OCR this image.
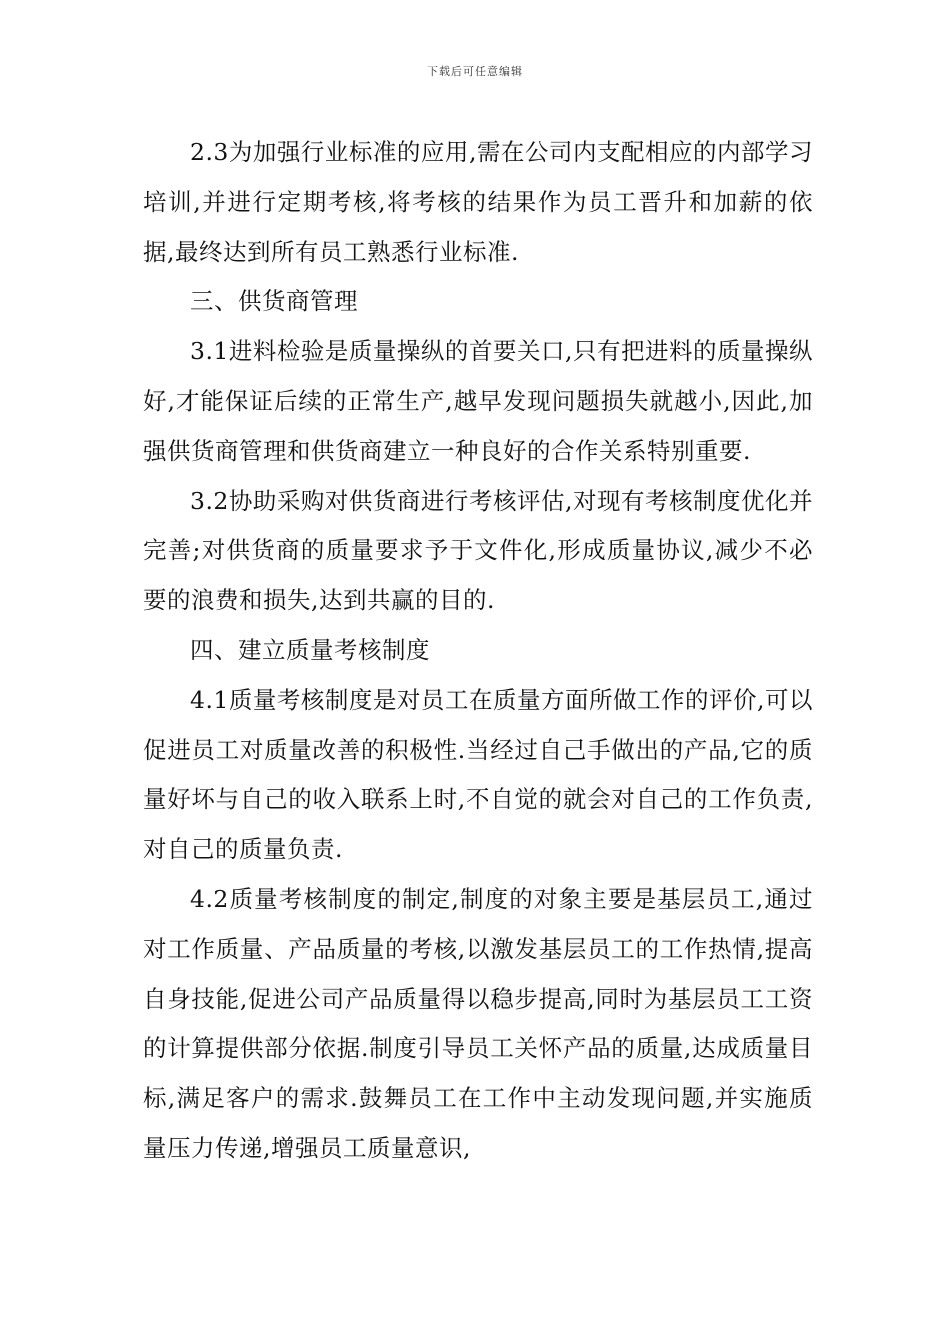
下载后可任意编辑

2.3为加强行业标准的应用,需在公司内支配相应的内部学习培训,并进行定期考核,将考核的结果作为员工晋升和加薪的依据,最终达到所有员工熟悉行业标准.

三、供货商管理

3.1进料检验是质量操纵的首要关口,只有把进料的质量操纵好,才能保证后续的正常生产,越早发现问题损失就越小,因此,加强供货商管理和供货商建立一种良好的合作关系特别重要.

3.2协助采购对供货商进行考核评估,对现有考核制度优化并完善;对供货商的质量要求予于文件化,形成质量协议,减少不必要的浪费和损失,达到共赢的目的.

四、建立质量考核制度

4.1质量考核制度是对员工在质量方面所做工作的评价,可以促进员工对质量改善的积极性.当经过自己手做出的产品,它的质量好坏与自己的收入联系上时,不自觉的就会对自己的工作负责,对自己的质量负责.

4.2质量考核制度的制定,制度的对象主要是基层员工,通过对工作质量、产品质量的考核,以激发基层员工的工作热情,提高自身技能,促进公司产品质量得以稳步提高,同时为基层员工工资的计算提供部分依据.制度引导员工关怀产品的质量,达成质量目标,满足客户的需求.鼓舞员工在工作中主动发现问题,并实施质量压力传递,增强员工质量意识,
